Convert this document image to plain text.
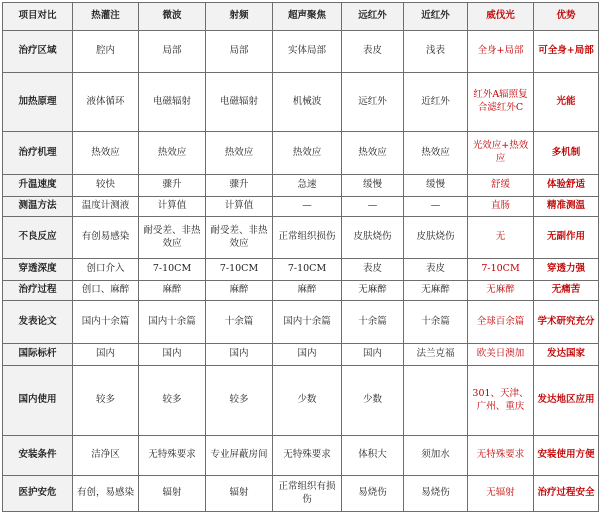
项目对比	热灌注	微波	射频	超声聚焦	远红外	近红外	威伐光	优势
治疗区域	腔内	局部	局部	实体局部	表皮	浅表	全身+局部	可全身+局部
加热原理	液体循环	电磁辐射	电磁辐射	机械波	远红外	近红外	红外A辐照复合滤红外C	光能
治疗机理	热效应	热效应	热效应	热效应	热效应	热效应	光效应+热效应	多机制
升温速度	较快	骤升	骤升	急速	缓慢	缓慢	舒缓	体验舒适
测温方法	温度计测液	计算值	计算值	—	—	—	直肠	精准测温
不良反应	有创易感染	耐受差、非热效应	耐受差、非热效应	正常组织损伤	皮肤烧伤	皮肤烧伤	无	无副作用
穿透深度	创口介入	7-10CM	7-10CM	7-10CM	表皮	表皮	7-10CM	穿透力强
治疗过程	创口、麻醉	麻醉	麻醉	麻醉	无麻醉	无麻醉	无麻醉	无痛苦
发表论文	国内十余篇	国内十余篇	十余篇	国内十余篇	十余篇	十余篇	全球百余篇	学术研究充分
国际标杆	国内	国内	国内	国内	国内	法兰克福	欧美日澳加	发达国家
国内使用	较多	较多	较多	少数	少数		301、天津、广州、重庆	发达地区应用
安装条件	洁净区	无特殊要求	专业屏蔽房间	无特殊要求	体积大	须加水	无特殊要求	安装使用方便
医护安危	有创，易感染	辐射	辐射	正常组织有损伤	易烧伤	易烧伤	无辐射	治疗过程安全
